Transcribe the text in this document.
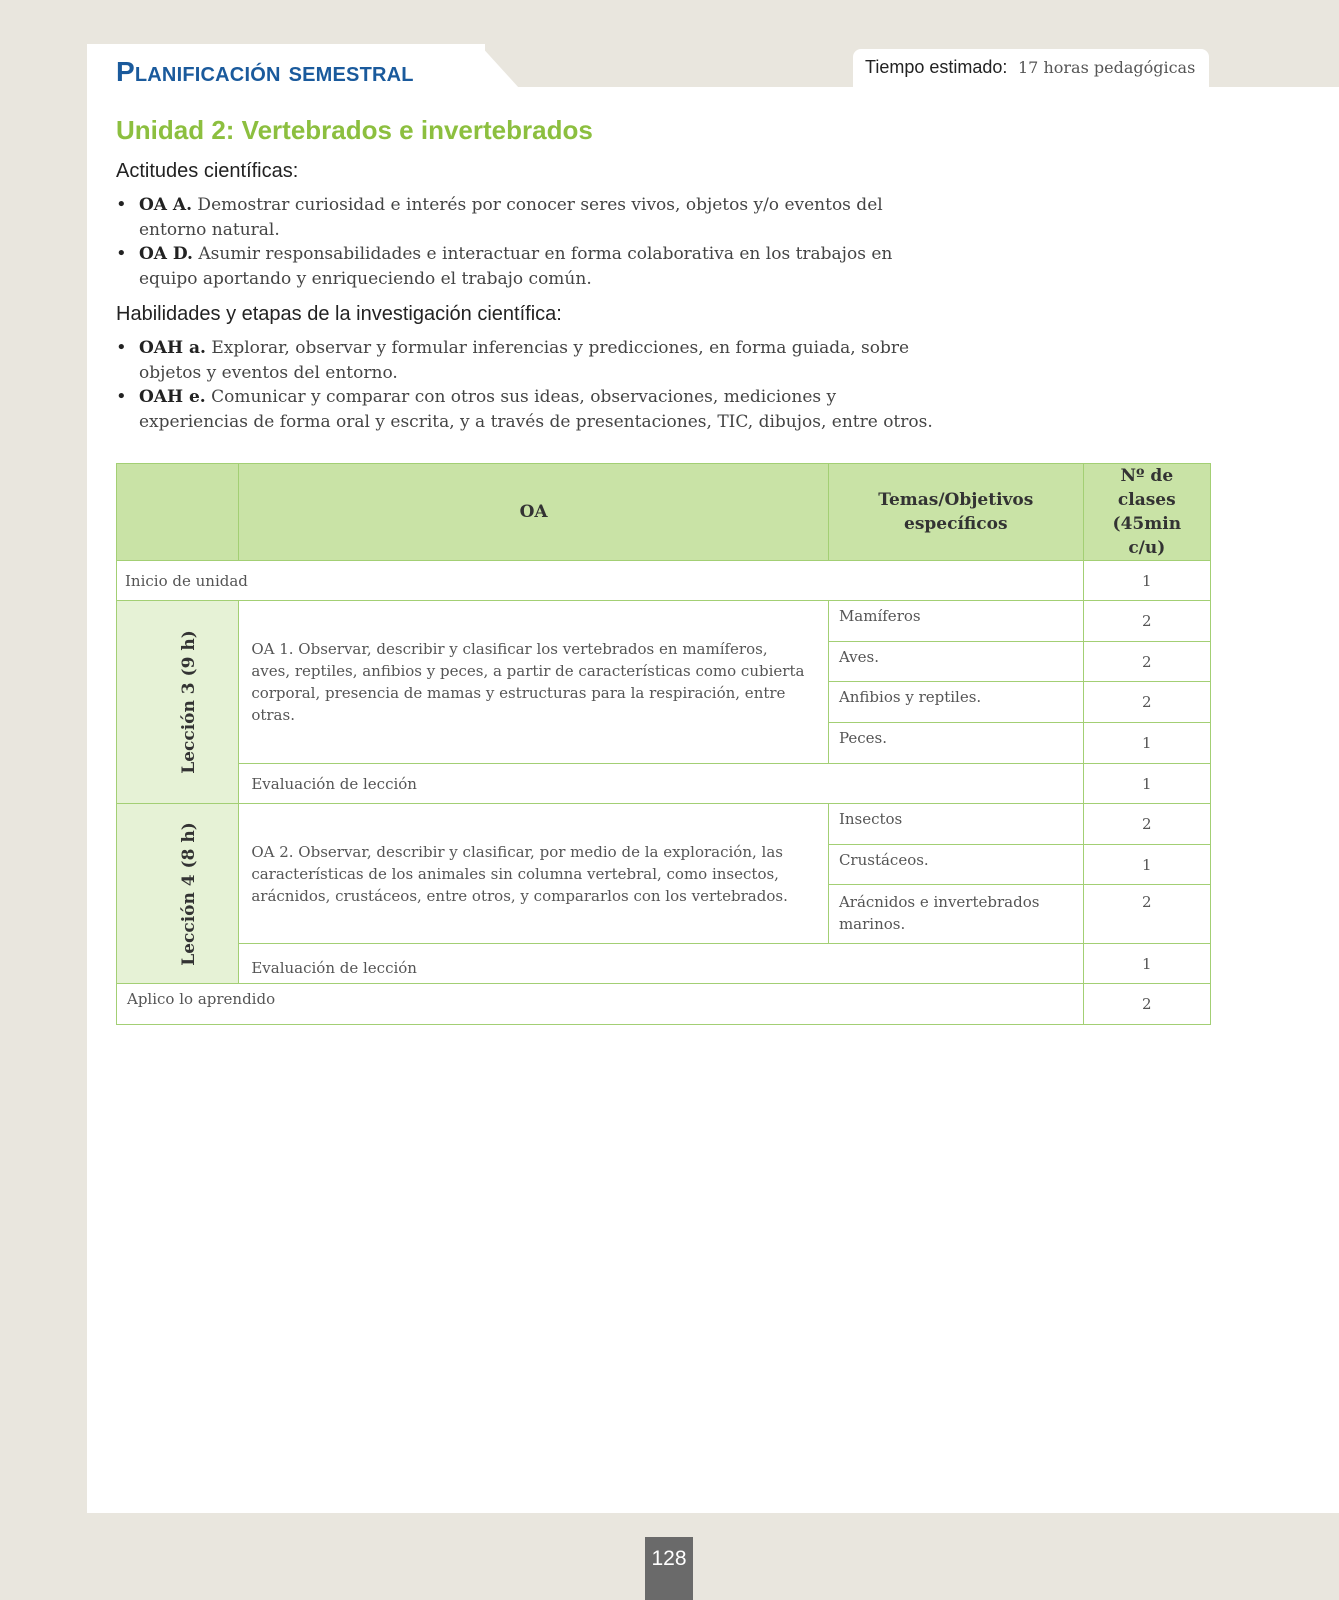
Planificación semestral	Tiempo estimado: 17 horas pedagógicas
Unidad 2: Vertebrados e invertebrados
Actitudes científicas:
• OA A. Demostrar curiosidad e interés por conocer seres vivos, objetos y/o eventos del entorno natural.
• OA D. Asumir responsabilidades e interactuar en forma colaborativa en los trabajos en equipo aportando y enriqueciendo el trabajo común.
Habilidades y etapas de la investigación científica:
• OAH a. Explorar, observar y formular inferencias y predicciones, en forma guiada, sobre objetos y eventos del entorno.
• OAH e. Comunicar y comparar con otros sus ideas, observaciones, mediciones y experiencias de forma oral y escrita, y a través de presentaciones, TIC, dibujos, entre otros.
	OA	Temas/Objetivos específicos	Nº de clases (45min c/u)
Inicio de unidad			1
Lección 3 (9 h)	OA 1. Observar, describir y clasificar los vertebrados en mamíferos, aves, reptiles, anfibios y peces, a partir de características como cubierta corporal, presencia de mamas y estructuras para la respiración, entre otras.	Mamíferos	2
		Aves.	2
		Anfibios y reptiles.	2
		Peces.	1
	Evaluación de lección		1
Lección 4 (8 h)	OA 2. Observar, describir y clasificar, por medio de la exploración, las características de los animales sin columna vertebral, como insectos, arácnidos, crustáceos, entre otros, y compararlos con los vertebrados.	Insectos	2
		Crustáceos.	1
		Arácnidos e invertebrados marinos.	2
	Evaluación de lección		1
Aplico lo aprendido			2
128
